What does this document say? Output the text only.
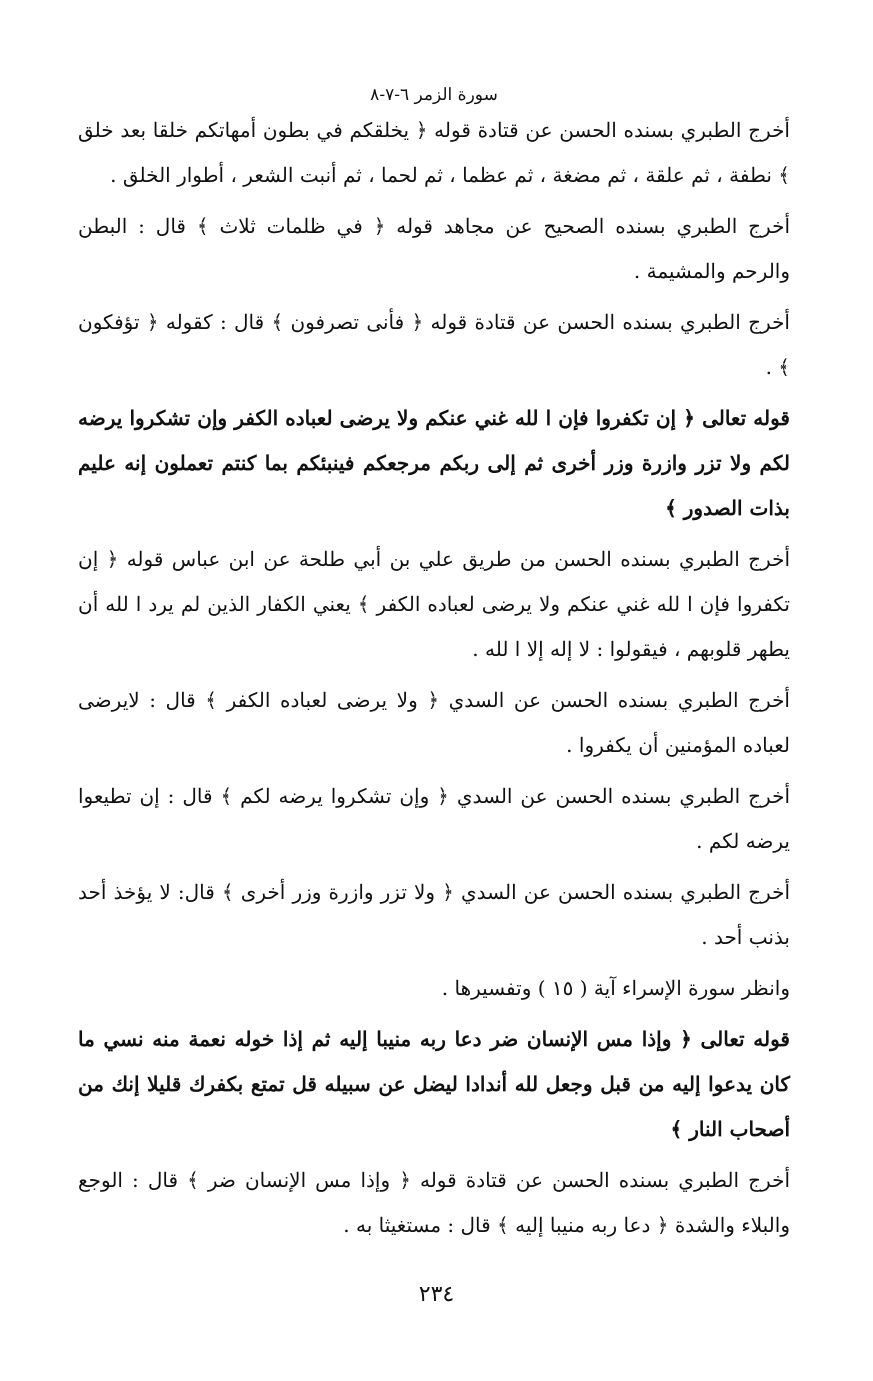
سورة الزمر ٦-٧-٨

أخرج الطبري بسنده الحسن عن قتادة قوله ﴿ يخلقكم في بطون أمهاتكم خلقا بعد خلق ﴾ نطفة ، ثم علقة ، ثم مضغة ، ثم عظما ، ثم لحما ، ثم أنبت الشعر ، أطوار الخلق .

أخرج الطبري بسنده الصحيح عن مجاهد قوله ﴿ في ظلمات ثلاث ﴾ قال : البطن والرحم والمشيمة .

أخرج الطبري بسنده الحسن عن قتادة قوله ﴿ فأنى تصرفون ﴾ قال : كقوله ﴿ تؤفكون ﴾ .

قوله تعالى ﴿ إن تكفروا فإن ا لله غني عنكم ولا يرضى لعباده الكفر وإن تشكروا يرضه لكم ولا تزر وازرة وزر أخرى ثم إلى ربكم مرجعكم فينبئكم بما كنتم تعملون إنه عليم بذات الصدور ﴾

أخرج الطبري بسنده الحسن من طريق علي بن أبي طلحة عن ابن عباس قوله ﴿ إن تكفروا فإن ا لله غني عنكم ولا يرضى لعباده الكفر ﴾ يعني الكفار الذين لم يرد ا لله أن يطهر قلوبهم ، فيقولوا : لا إله إلا ا لله .

أخرج الطبري بسنده الحسن عن السدي ﴿ ولا يرضى لعباده الكفر ﴾ قال : لايرضى لعباده المؤمنين أن يكفروا .

أخرج الطبري بسنده الحسن عن السدي ﴿ وإن تشكروا يرضه لكم ﴾ قال : إن تطيعوا يرضه لكم .

أخرج الطبري بسنده الحسن عن السدي ﴿ ولا تزر وازرة وزر أخرى ﴾ قال: لا يؤخذ أحد بذنب أحد .

وانظر سورة الإسراء آية ( ١٥ ) وتفسيرها .

قوله تعالى ﴿ وإذا مس الإنسان ضر دعا ربه منيبا إليه ثم إذا خوله نعمة منه نسي ما كان يدعوا إليه من قبل وجعل لله أندادا ليضل عن سبيله قل تمتع بكفرك قليلا إنك من أصحاب النار ﴾

أخرج الطبري بسنده الحسن عن قتادة قوله ﴿ وإذا مس الإنسان ضر ﴾ قال : الوجع والبلاء والشدة ﴿ دعا ربه منيبا إليه ﴾ قال : مستغيثا به .

٢٣٤
